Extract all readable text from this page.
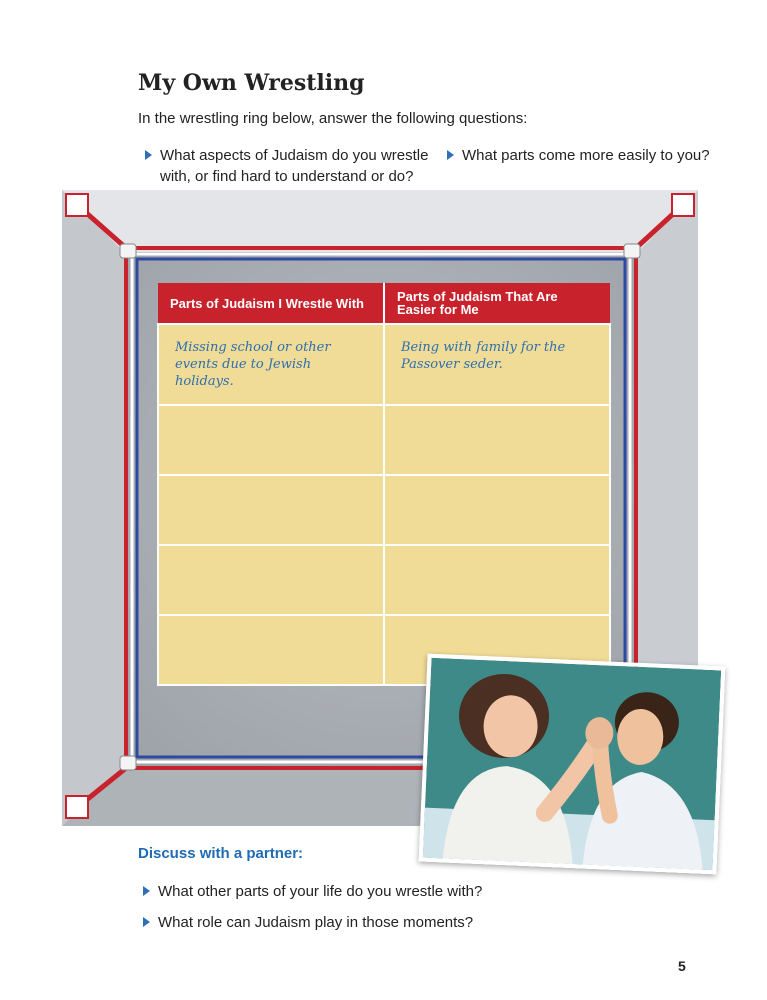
My Own Wrestling

In the wrestling ring below, answer the following questions:

What aspects of Judaism do you wrestle with, or find hard to understand or do?
What parts come more easily to you?
Parts of Judaism I Wrestle With	Parts of Judaism That Are Easier for Me
Missing school or other events due to Jewish holidays.	Being with family for the Passover seder.

Discuss with a partner:
What other parts of your life do you wrestle with?
What role can Judaism play in those moments?
5
